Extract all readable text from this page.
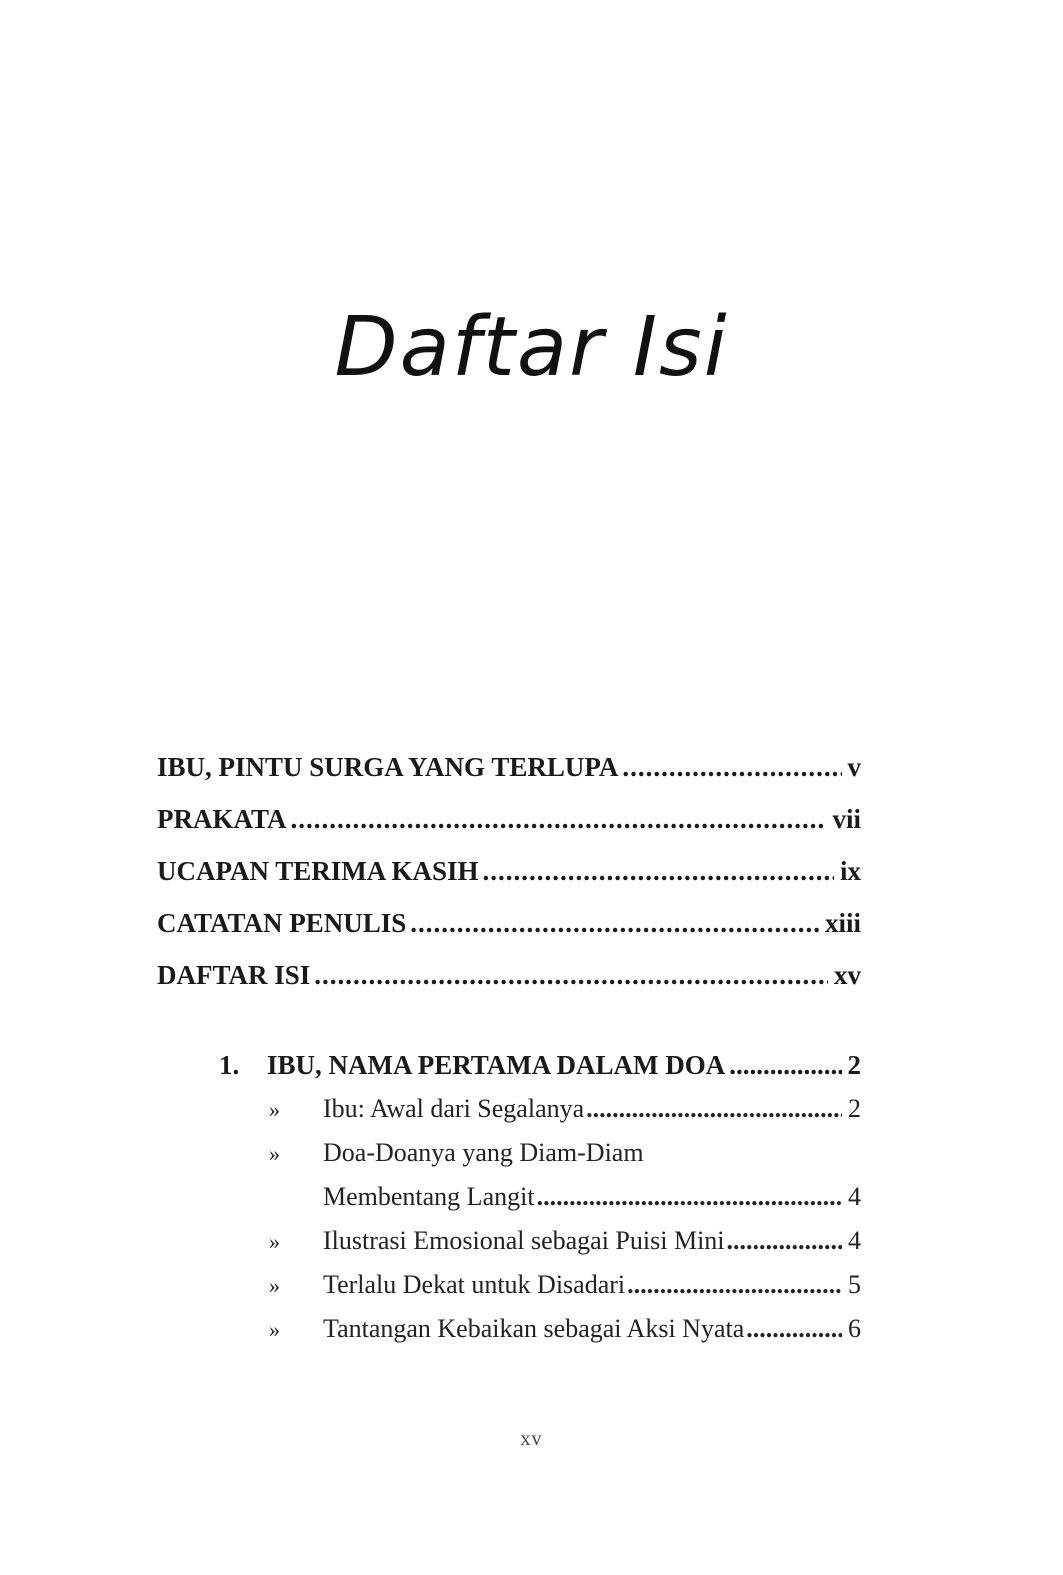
Daftar Isi
IBU, PINTU SURGA YANG TERLUPA .....	v
PRAKATA .....	vii
UCAPAN TERIMA KASIH .....	ix
CATATAN PENULIS .....	xiii
DAFTAR ISI .....	xv
1.	IBU, NAMA PERTAMA DALAM DOA .....	2
»	Ibu: Awal dari Segalanya .....	2
»	Doa-Doanya yang Diam-Diam
Membentang Langit .....	4
»	Ilustrasi Emosional sebagai Puisi Mini .....	4
»	Terlalu Dekat untuk Disadari .....	5
»	Tantangan Kebaikan sebagai Aksi Nyata .....	6
xv
